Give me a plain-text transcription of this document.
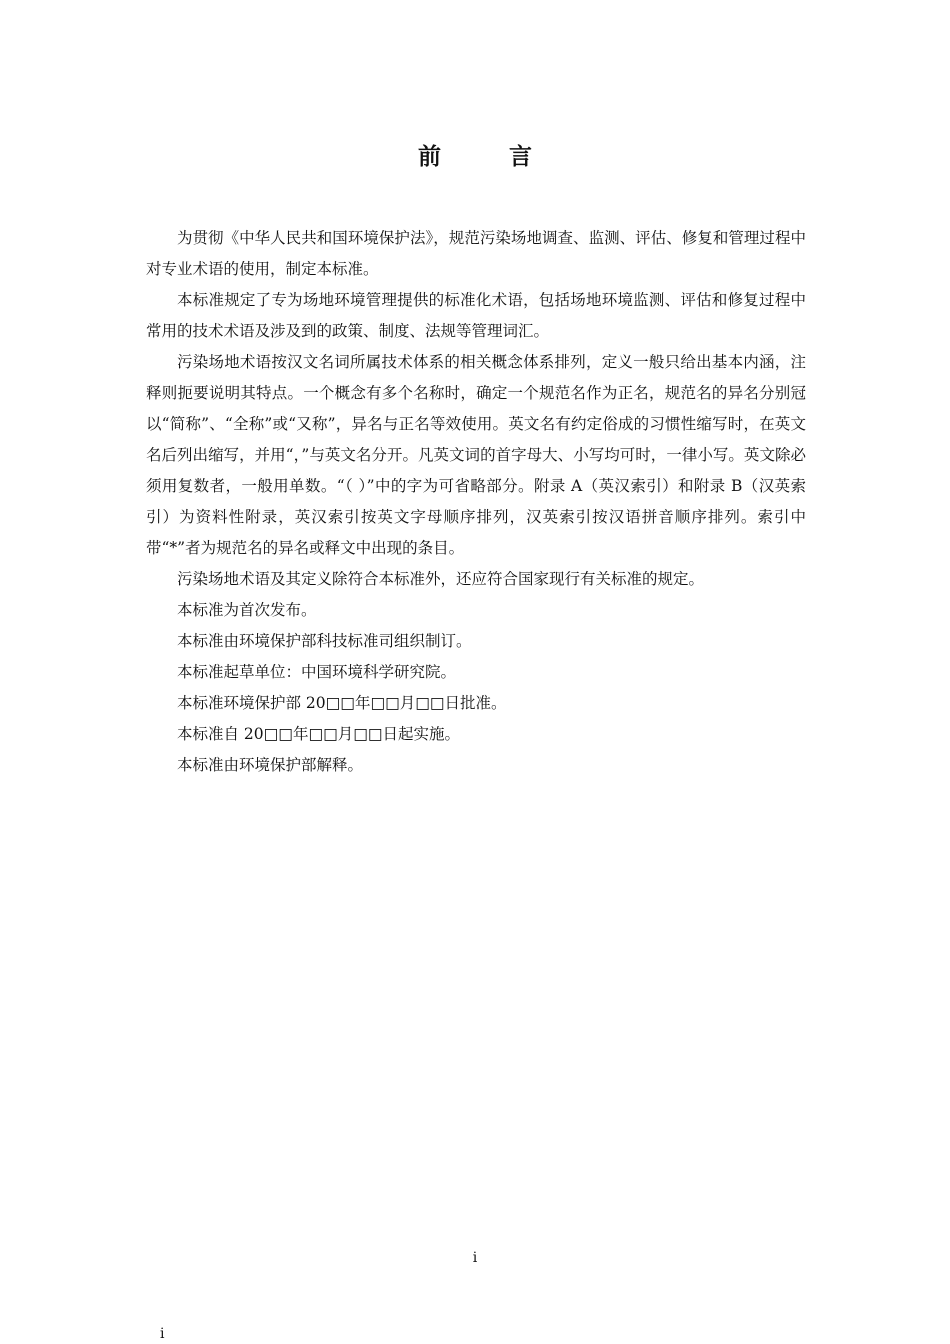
前 言

为贯彻《中华人民共和国环境保护法》，规范污染场地调查、监测、评估、修复和管理过程中对专业术语的使用，制定本标准。

本标准规定了专为场地环境管理提供的标准化术语，包括场地环境监测、评估和修复过程中常用的技术术语及涉及到的政策、制度、法规等管理词汇。

污染场地术语按汉文名词所属技术体系的相关概念体系排列，定义一般只给出基本内涵，注释则扼要说明其特点。一个概念有多个名称时，确定一个规范名作为正名，规范名的异名分别冠以“简称”、“全称”或“又称”，异名与正名等效使用。英文名有约定俗成的习惯性缩写时，在英文名后列出缩写，并用“，”与英文名分开。凡英文词的首字母大、小写均可时，一律小写。英文除必须用复数者，一般用单数。“（ ）”中的字为可省略部分。附录 A（英汉索引）和附录 B（汉英索引）为资料性附录，英汉索引按英文字母顺序排列，汉英索引按汉语拼音顺序排列。索引中带“*”者为规范名的异名或释文中出现的条目。

污染场地术语及其定义除符合本标准外，还应符合国家现行有关标准的规定。

本标准为首次发布。

本标准由环境保护部科技标准司组织制订。

本标准起草单位：中国环境科学研究院。

本标准环境保护部 20□□年□□月□□日批准。

本标准自 20□□年□□月□□日起实施。

本标准由环境保护部解释。

i
i
